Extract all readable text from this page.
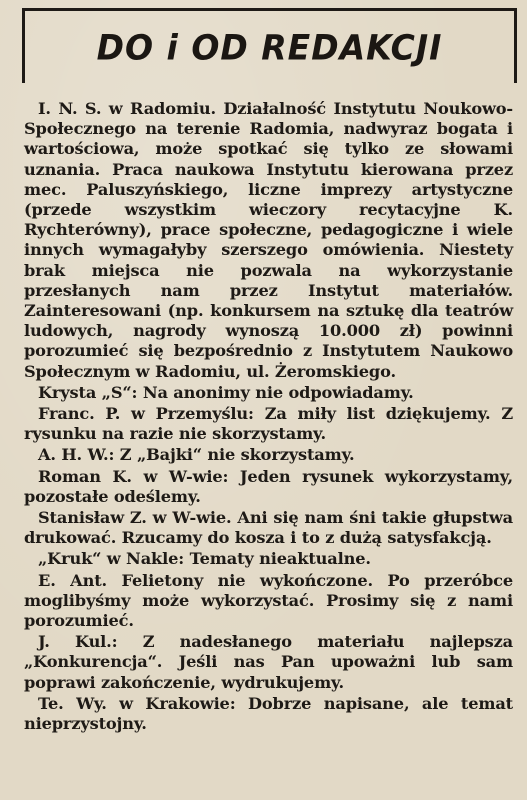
DO i OD REDAKCJI

I. N. S. w Radomiu. Działalność Instytutu Noukowo-Społecznego na terenie Radomia, nadwyraz bogata i wartościowa, może spotkać się tylko ze słowami uznania. Praca naukowa Instytutu kierowana przez mec. Paluszyńskiego, liczne imprezy artystyczne (przede wszystkim wieczory recytacyjne K. Rychterówny), prace społeczne, pedagogiczne i wiele innych wymagałyby szerszego omówienia. Niestety brak miejsca nie pozwala na wykorzystanie przesłanych nam przez Instytut materiałów. Zainteresowani (np. konkursem na sztukę dla teatrów ludowych, nagrody wynoszą 10.000 zł) powinni porozumieć się bezpośrednio z Instytutem Naukowo Społecznym w Radomiu, ul. Żeromskiego.

Krysta „S“: Na anonimy nie odpowiadamy.

Franc. P. w Przemyślu: Za miły list dziękujemy. Z rysunku na razie nie skorzystamy.

A. H. W.: Z „Bajki“ nie skorzystamy.

Roman K. w W-wie: Jeden rysunek wykorzystamy, pozostałe odeślemy.

Stanisław Z. w W-wie. Ani się nam śni takie głupstwa drukować. Rzucamy do kosza i to z dużą satysfakcją.

„Kruk“ w Nakle: Tematy nieaktualne.

E. Ant. Felietony nie wykończone. Po przeróbce moglibyśmy może wykorzystać. Prosimy się z nami porozumieć.

J. Kul.: Z nadesłanego materiału najlepsza „Konkurencja“. Jeśli nas Pan upoważni lub sam poprawi zakończenie, wydrukujemy.

Te. Wy. w Krakowie: Dobrze napisane, ale temat nieprzystojny.
